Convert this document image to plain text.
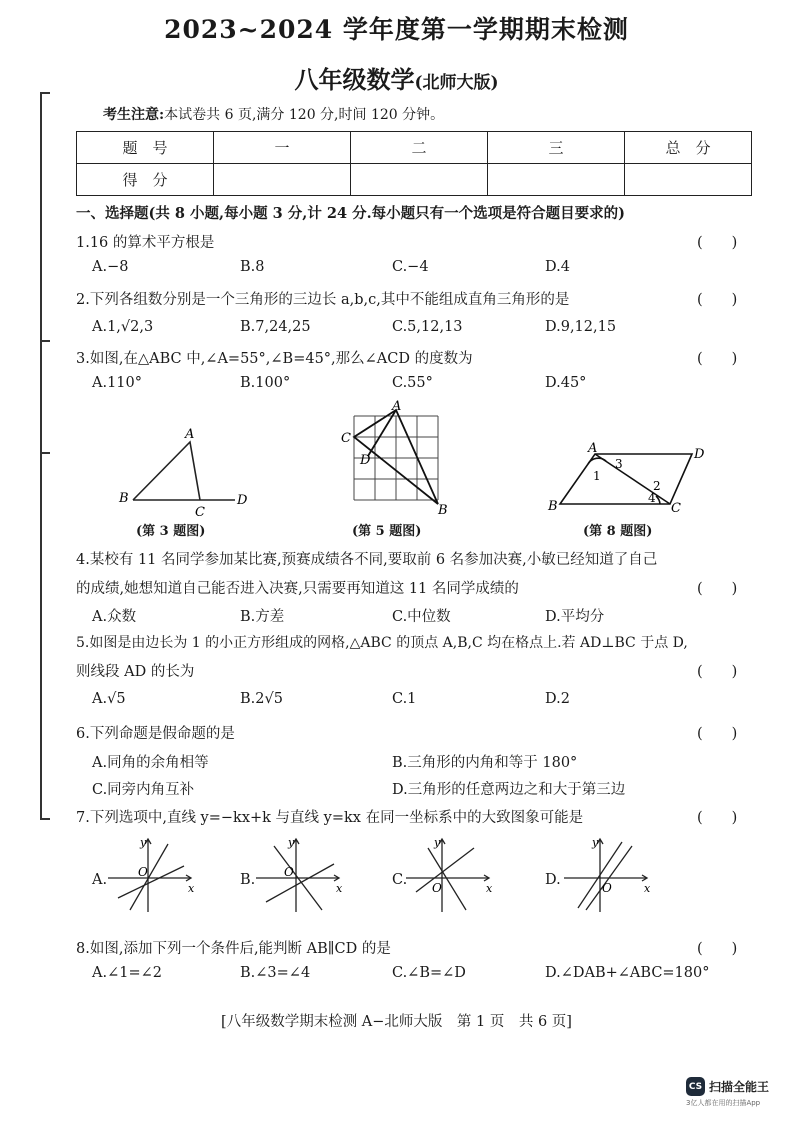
2023~2024 学年度第一学期期末检测
八年级数学(北师大版)
考生注意:本试卷共 6 页,满分 120 分,时间 120 分钟。
题　号	一	二	三	总　分
得　分				
一、选择题(共 8 小题,每小题 3 分,计 24 分.每小题只有一个选项是符合题目要求的)
1.16 的算术平方根是	(　　)
A.−8	B.8	C.−4	D.4
2.下列各组数分别是一个三角形的三边长 a,b,c,其中不能组成直角三角形的是	(　　)
A.1,√2,3	B.7,24,25	C.5,12,13	D.9,12,15
3.如图,在△ABC 中,∠A=55°,∠B=45°,那么∠ACD 的度数为	(　　)
A.110°	B.100°	C.55°	D.45°
A
B
C
D
(第 3 题图)
A
C
D
B
(第 5 题图)
A	D
B	C
1
3
2
4
(第 8 题图)
4.某校有 11 名同学参加某比赛,预赛成绩各不同,要取前 6 名参加决赛,小敏已经知道了自己
的成绩,她想知道自己能否进入决赛,只需要再知道这 11 名同学成绩的	(　　)
A.众数	B.方差	C.中位数	D.平均分
5.如图是由边长为 1 的小正方形组成的网格,△ABC 的顶点 A,B,C 均在格点上.若 AD⊥BC 于点 D,
则线段 AD 的长为	(　　)
A.√5	B.2√5	C.1	D.2
6.下列命题是假命题的是	(　　)
A.同角的余角相等	B.三角形的内角和等于 180°
C.同旁内角互补	D.三角形的任意两边之和大于第三边
7.下列选项中,直线 y=−kx+k 与直线 y=kx 在同一坐标系中的大致图象可能是	(　　)
A.
y
x
O	B.
y
x
O	C.
y
x
O	D.
y
x
O
8.如图,添加下列一个条件后,能判断 AB∥CD 的是	(　　)
A.∠1=∠2	B.∠3=∠4	C.∠B=∠D	D.∠DAB+∠ABC=180°
[八年级数学期末检测 A−北师大版　第 1 页　共 6 页]
CS 扫描全能王
3亿人都在用的扫描App
